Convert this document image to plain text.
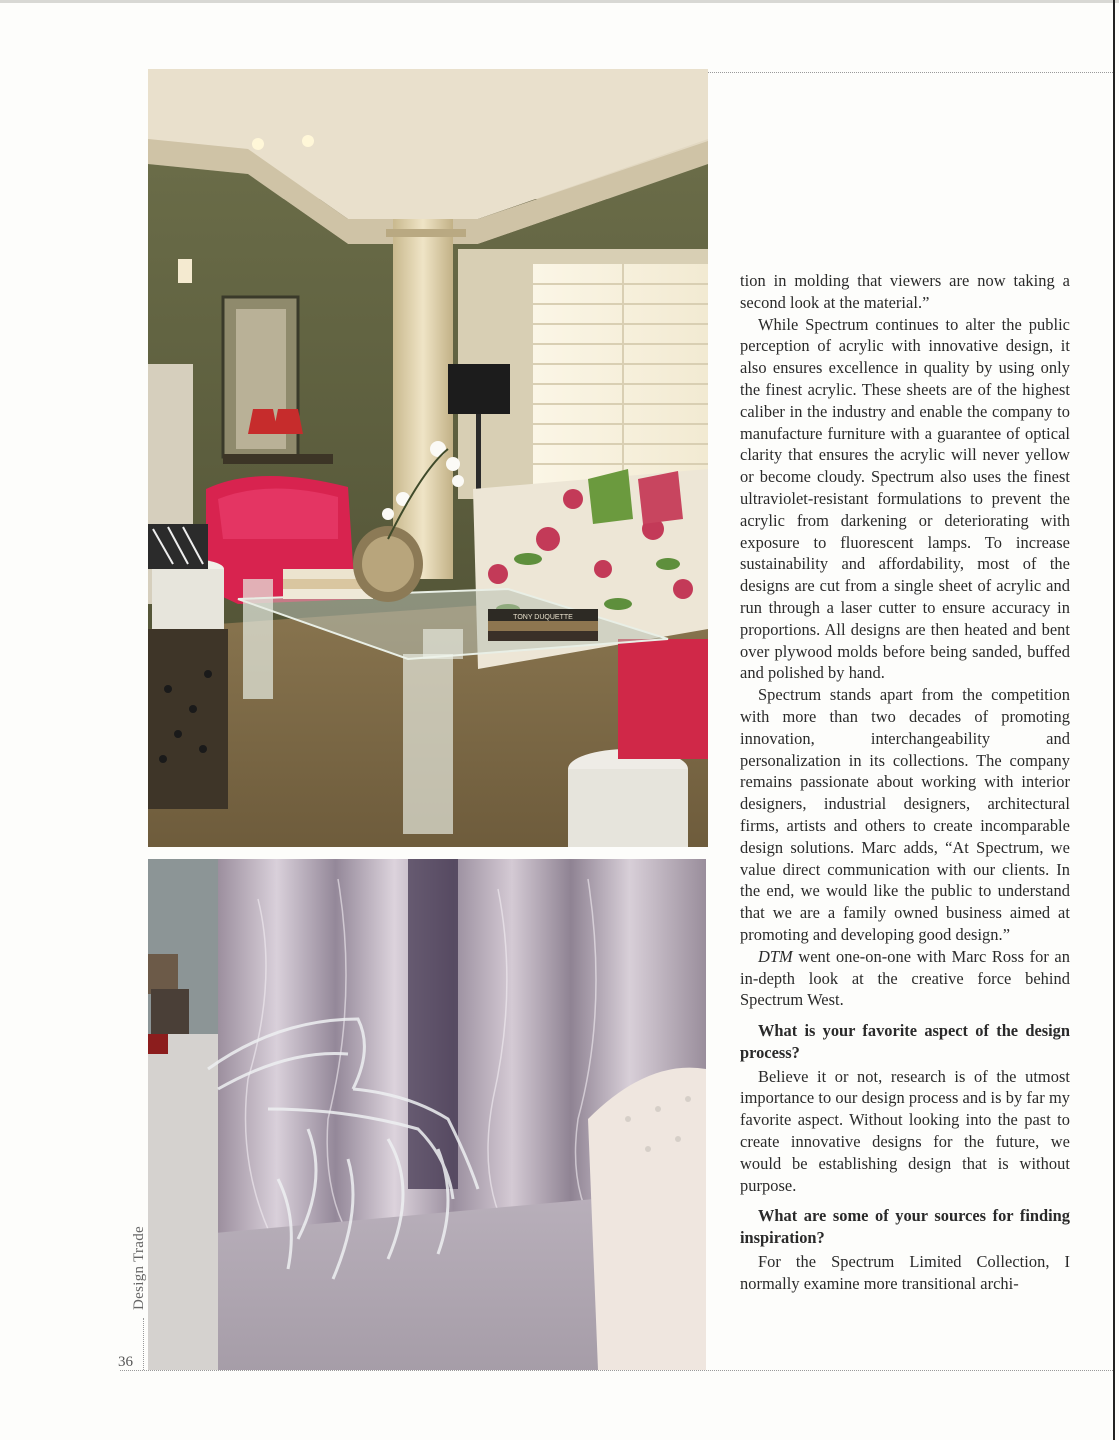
TONY DUQUETTE

tion in molding that viewers are now taking a second look at the material.”

While Spectrum continues to alter the public perception of acrylic with innovative design, it also ensures excellence in quality by using only the finest acrylic. These sheets are of the highest caliber in the industry and enable the company to manufacture furniture with a guarantee of optical clarity that ensures the acrylic will never yellow or become cloudy. Spectrum also uses the finest ultraviolet-resistant formulations to prevent the acrylic from darkening or deteriorating with exposure to fluorescent lamps. To increase sustainability and affordability, most of the designs are cut from a single sheet of acrylic and run through a laser cutter to ensure accuracy in proportions. All designs are then heated and bent over plywood molds before being sanded, buffed and polished by hand.

Spectrum stands apart from the competition with more than two decades of promoting innovation, interchangeability and personalization in its collections. The company remains passionate about working with interior designers, industrial designers, architectural firms, artists and others to create incomparable design solutions. Marc adds, “At Spectrum, we value direct communication with our clients. In the end, we would like the public to understand that we are a family owned business aimed at promoting and developing good design.”

DTM went one-on-one with Marc Ross for an in-depth look at the creative force behind Spectrum West.

What is your favorite aspect of the design process?

Believe it or not, research is of the utmost importance to our design process and is by far my favorite aspect. Without looking into the past to create innovative designs for the future, we would be establishing design that is without purpose.

What are some of your sources for finding inspiration?

For the Spectrum Limited Collection, I normally examine more transitional archi-

Design Trade
36
